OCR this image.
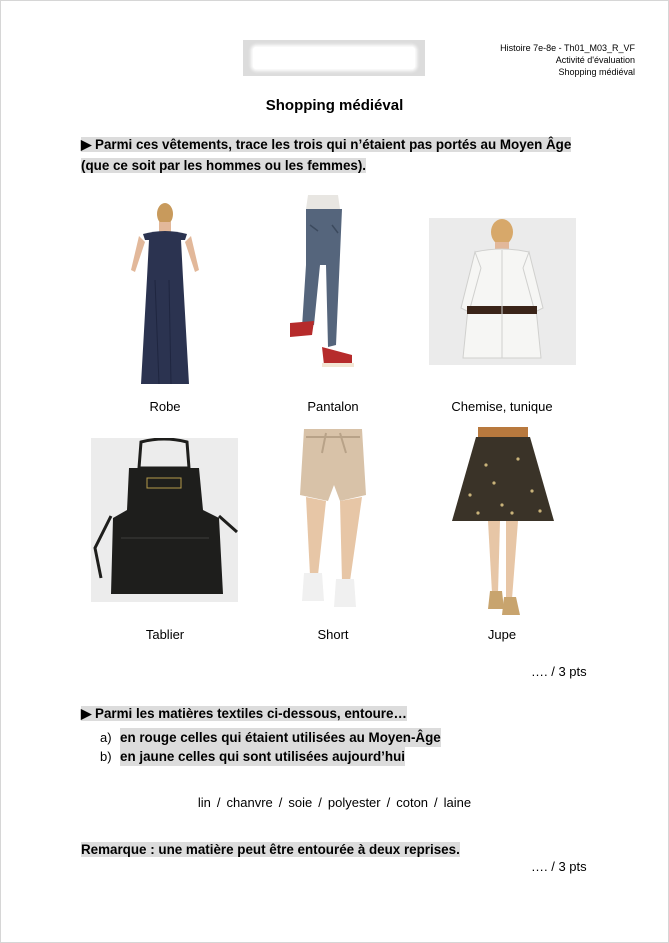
Histoire 7e-8e - Th01_M03_R_VF
Activité d'évaluation
Shopping médiéval
Shopping médiéval
▶ Parmi ces vêtements, trace les trois qui n’étaient pas portés au Moyen Âge (que ce soit par les hommes ou les femmes).
Robe	Pantalon	Chemise, tunique
Tablier	Short	Jupe
…. / 3 pts
▶ Parmi les matières textiles ci-dessous, entoure…
a) en rouge celles qui étaient utilisées au Moyen-Âge
b) en jaune celles qui sont utilisées aujourd’hui
lin / chanvre / soie / polyester / coton / laine
Remarque : une matière peut être entourée à deux reprises.
…. / 3 pts
